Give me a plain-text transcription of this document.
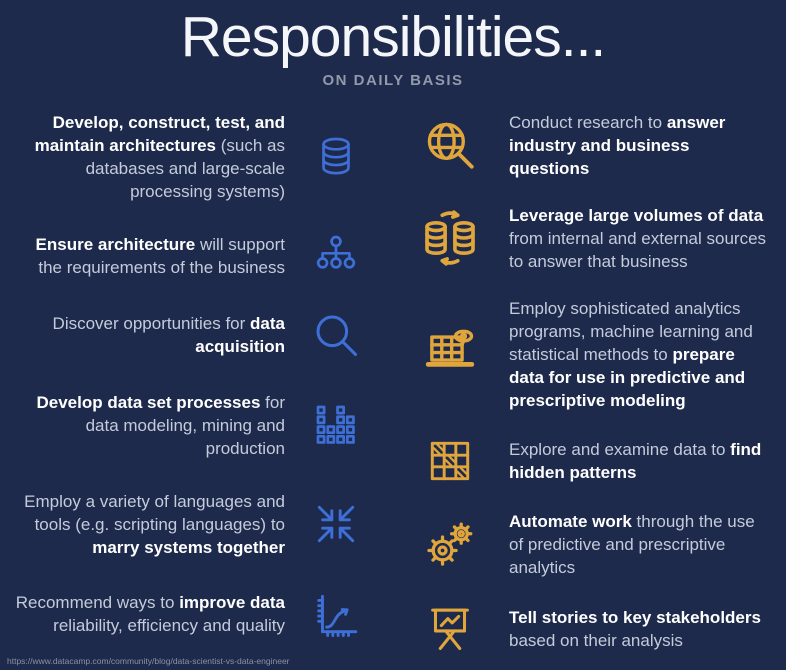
Responsibilities...
ON DAILY BASIS
Develop, construct, test, and maintain architectures (such as databases and large-scale processing systems)
Ensure architecture will support the requirements of the business
Discover opportunities for data acquisition
Develop data set processes for data modeling, mining and production
Employ a variety of languages and tools (e.g. scripting languages) to marry systems together
Recommend ways to improve data reliability, efficiency and quality
Conduct research to answer industry and business questions
Leverage large volumes of data from internal and external sources to answer that business
Employ sophisticated analytics programs, machine learning and statistical methods to prepare data for use in predictive and prescriptive modeling
Explore and examine data to find hidden patterns
Automate work through the use of predictive and prescriptive analytics
Tell stories to key stakeholders based on their analysis
https://www.datacamp.com/community/blog/data-scientist-vs-data-engineer
